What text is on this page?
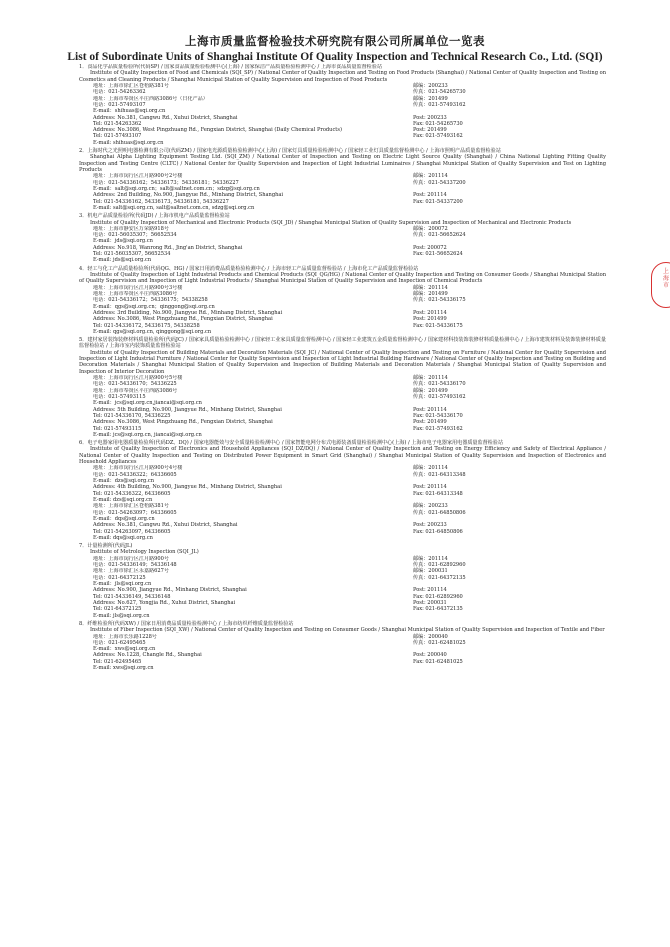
上海市质量监督检验技术研究院有限公司所属单位一览表
List of Subordinate Units of Shanghai Institute Of Quality Inspection and Technical Research Co., Ltd. (SQI)

1．食品化学品质量检验所(代码SP) / 国家食品质量检验检测中心(上海) / 国家保洁产品质量检验检测中心 / 上海市食品质量监督检验站

Institute of Quality Inspection of Food and Chemicals (SQI_SP) / National Center of Quality Inspection and Testing on Food Products (Shanghai) / National Center of Quality Inspection and Testing on Cosmetics and Cleaning Products / Shanghai Municipal Station of Quality Supervision and Inspection of Food Products

地址：上海市徐汇区苍梧路381号	邮编：200233
电话：021-54263362	传真：021-54265730
地址：上海市奉贤区平庄西路3086号（日化产品）	邮编：201499
电话：021-57493107	传真：021-57493162
E-mail：shihuas@sqi.org.cn
Address: No.381, Cangwu Rd., Xuhui District, Shanghai	Post: 200233
Tel: 021-54263362	Fax: 021-54265730
Address: No.3086, West Pingzhuang Rd., Fengxian District, Shanghai (Daily Chemical Products)	Post: 201499
Tel: 021-57493107	Fax: 021-57493162
E-mail: shihuas@sqi.org.cn

2．上海时代之光照明电器检测有限公司(代码ZM) / 国家电光源质量检验检测中心(上海) / 国家灯具质量检验检测中心 / 国家轻工业灯具质量监督检测中心 / 上海市照明产品质量监督检验站

Shanghai Alpha Lighting Equipment Testing Ltd. (SQI_ZM) / National Center of Inspection and Testing on Electric Light Source Quality (Shanghai) / China National Lighting Fitting Quality Inspection and Testing Centre (CLTC) / National Center for Quality Supervision and Inspection of Light Industrial Luminaires / Shanghai Municipal Station of Quality Supervision and Test on Lighting Products

地址：上海市闵行区江月路900号2号楼	邮编：201114
电话：021-54336162；54336173；54336181；54336227	传真：021-54337200
E-mail：salt@sqi.org.cn；salt@saltnet.com.cn；sdzg@sqi.org.cn
Address: 2nd Building, No.900, Jiangyue Rd., Minhang District, Shanghai	Post: 201114
Tel: 021-54336162, 54336173, 54336181, 54336227	Fax: 021-54337200
E-mail: salt@sqi.org.cn, salt@saltnet.com.cn, sdzg@sqi.org.cn

3．机电产品质量检验所(代码JD) / 上海市机电产品质量监督检验站

Institute of Quality Inspection of Mechanical and Electronic Products (SQI_JD) / Shanghai Municipal Station of Quality Supervision and Inspection of Mechanical and Electronic Products

地址：上海市静安区万荣路918号	邮编：200072
电话：021-56035307；56652534	传真：021-56652624
E-mail：jds@sqi.org.cn
Address: No.918, Wanrong Rd., Jing'an District, Shanghai	Post: 200072
Tel: 021-56035307, 56652534	Fax: 021-56652624
E-mail: jds@sqi.org.cn

4．轻工与化工产品质量检验所(代码QG、HG) / 国家日用消费品质量检验检测中心 / 上海市轻工产品质量监督检验站 / 上海市化工产品质量监督检验站

Institute of Quality Inspection of Light Industrial Products and Chemical Products (SQI_QG/HG) / National Center of Quality Inspection and Testing on Consumer Goods / Shanghai Municipal Station of Quality Supervision and Inspection of Light Industrial Products / Shanghai Municipal Station of Quality Supervision and Inspection of Chemical Products

地址：上海市闵行区江月路900号3号楼	邮编：201114
地址：上海市奉贤区平庄西路3086号	邮编：201499
电话：021-54336172；54336175；54338258	传真：021-54336175
E-mail：qgs@sqi.org.cn；qinggong@sqi.org.cn
Address: 3rd Building, No.900, Jiangyue Rd., Minhang District, Shanghai	Post: 201114
Address: No.3086, West Pingzhuang Rd., Fengxian District, Shanghai	Post: 201499
Tel: 021-54336172, 54336175, 54338258	Fax: 021-54336175
E-mail: qgs@sqi.org.cn, qinggong@sqi.org.cn

5．建材家居装饰装修材料质量检验所(代码JC) / 国家家具质量检验检测中心 / 国家轻工业家具质量监督检测中心 / 国家轻工业建筑五金质量监督检测中心 / 国家建材科技装饰装修材料质量检测中心 / 上海市建筑材料及装饰装修材料质量监督检验站 / 上海市室内装饰质量监督检验站

Institute of Quality Inspection of Building Materials and Decoration Materials (SQI_JC) / National Center of Quality Inspection and Testing on Furniture / National Center for Quality Supervision and Inspection of Light Industrial Furniture / National Center for Quality Supervision and Inspection of Light Industrial Building Hardware / National Center of Quality Inspection and Testing on Building and Decoration Materials / Shanghai Municipal Station of Quality Supervision and Inspection of Building Materials and Decoration Materials / Shanghai Municipal Station of Quality Supervision and Inspection of Interior Decoration

地址：上海市闵行区江月路900号5号楼	邮编：201114
电话：021-54336170；54336225	传真：021-54336170
地址：上海市奉贤区平庄西路3086号	邮编：201499
电话：021-57493115	传真：021-57493162
E-mail：jcs@sqi.org.cn,jiancai@sqi.org.cn
Address: 5th Building, No.900, Jiangyue Rd., Minhang District, Shanghai	Post: 201114
Tel: 021-54336170, 54336225	Fax: 021-54336170
Address: No.3086, West Pingzhuang Rd., Fengxian District, Shanghai	Post: 201499
Tel: 021-57493115	Fax: 021-57493162
E-mail: jcs@sqi.org.cn, jiancai@sqi.org.cn

6．电子电器家用电器质量检验所(代码DZ、DQ) / 国家电器能效与安全质量检验检测中心 / 国家智能电网分布式电源装备质量检验检测中心(上海) / 上海市电子电器家用电器质量监督检验站

Institute of Quality Inspection of Electronics and Household Appliances (SQI_DZ/DQ) / National Center of Quality Inspection and Testing on Energy Efficiency and Safety of Electrical Appliance / National Center of Quality Inspection and Testing on Distributed Power Equipment in Smart Grid (Shanghai) / Shanghai Municipal Station of Quality Supervision and Inspection of Electronics and Household Appliances

地址：上海市闵行区江月路900号4号楼	邮编：201114
电话：021-54336322；64336605	传真：021-64313348
E-mail：dzs@sqi.org.cn
Address: 4th Building, No.900, Jiangyue Rd., Minhang District, Shanghai	Post: 201114
Tel: 021-54336322, 64336605	Fax: 021-64313348
E-mail: dzs@sqi.org.cn
地址：上海市徐汇区苍梧路381号	邮编：200233
电话：021-54263097；64336605	传真：021-64850806
E-mail：dqs@sqi.org.cn
Address: No.381, Cangwu Rd., Xuhui District, Shanghai	Post: 200233
Tel: 021-54263097, 64336605	Fax: 021-64850806
E-mail: dqs@sqi.org.cn

7．计量检测所(代码JL)

Institute of Metrology Inspection (SQI_JL)

地址：上海市闵行区江月路900号	邮编：201114
电话：021-54336149；54336148	传真：021-62892960
地址：上海市徐汇区永嘉路627号	邮编：200031
电话：021-64372125	传真：021-64372135
E-mail：jls@sqi.org.cn
Address: No.900, Jiangyue Rd., Minhang District, Shanghai	Post: 201114
Tel: 021-54336149, 54336148	Fax: 021-62892960
Address: No.627, Yongjia Rd., Xuhui District, Shanghai	Post: 200031
Tel: 021-64372125	Fax: 021-64372135
E-mail: jls@sqi.org.cn

8．纤维检验所(代码XW) / 国家日用消费品质量检验检测中心 / 上海市纺织纤维质量监督检验站

Institute of Fiber Inspection (SQI_XW) / National Center of Quality Inspection and Testing on Consumer Goods / Shanghai Municipal Station of Quality Supervision and Inspection of Textile and Fiber

地址：上海市长乐路1228号	邮编：200040
电话：021-62495465	传真：021-62481025
E-mail：xws@sqi.org.cn
Address: No.1228, Changle Rd., Shanghai	Post: 200040
Tel: 021-62495465	Fax: 021-62481025
E-mail: xws@sqi.org.cn
上
海
市
